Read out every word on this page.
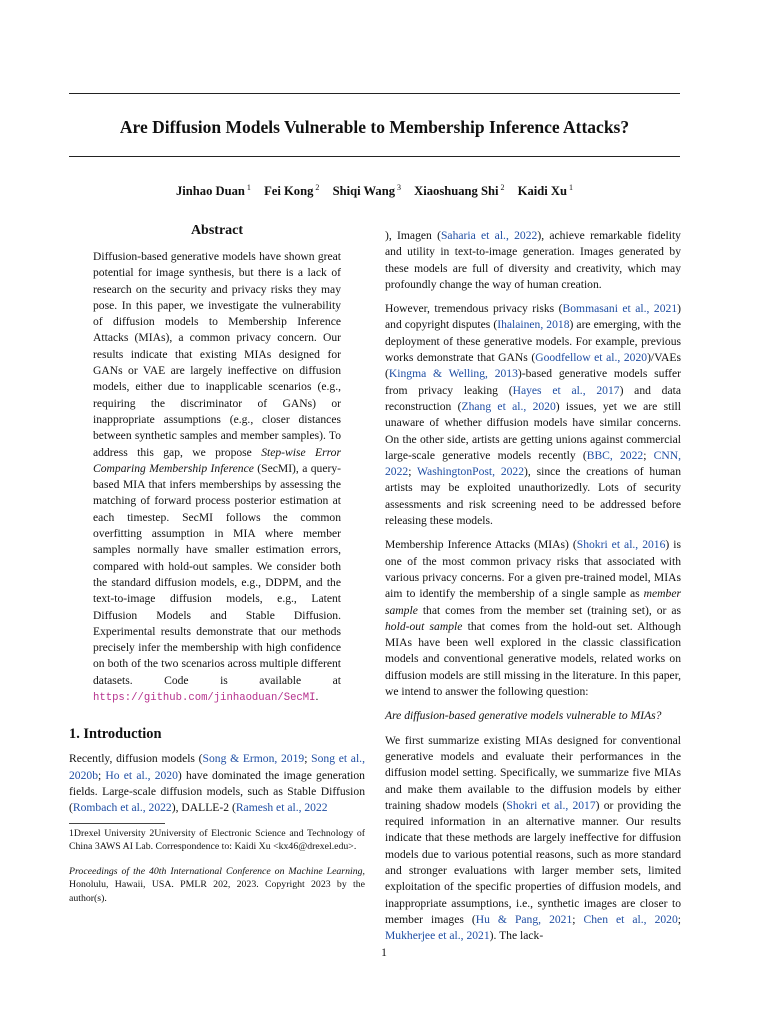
Are Diffusion Models Vulnerable to Membership Inference Attacks?
Jinhao Duan $^1$ Fei Kong $^2$ Shiqi Wang $^3$ Xiaoshuang Shi $^2$ Kaidi Xu $^1$
Abstract

Diffusion-based generative models have shown great potential for image synthesis, but there is a lack of research on the security and privacy risks they may pose. In this paper, we investigate the vulnerability of diffusion models to Membership Inference Attacks (MIAs), a common privacy concern. Our results indicate that existing MIAs designed for GANs or VAE are largely ineffective on diffusion models, either due to inapplicable scenarios (e.g., requiring the discriminator of GANs) or inappropriate assumptions (e.g., closer distances between synthetic samples and member samples). To address this gap, we propose Step-wise Error Comparing Membership Inference (SecMI), a query-based MIA that infers memberships by assessing the matching of forward process posterior estimation at each timestep. SecMI follows the common overfitting assumption in MIA where member samples normally have smaller estimation errors, compared with hold-out samples. We consider both the standard diffusion models, e.g., DDPM, and the text-to-image diffusion models, e.g., Latent Diffusion Models and Stable Diffusion. Experimental results demonstrate that our methods precisely infer the membership with high confidence on both of the two scenarios across multiple different datasets. Code is available at https://github.com/jinhaoduan/SecMI.

1. Introduction

Recently, diffusion models (Song & Ermon, 2019; Song et al., 2020b; Ho et al., 2020) have dominated the image generation fields. Large-scale diffusion models, such as Stable Diffusion (Rombach et al., 2022), DALLE-2 (Ramesh et al., 2022

1Drexel University 2University of Electronic Science and Technology of China 3AWS AI Lab. Correspondence to: Kaidi Xu <kx46@drexel.edu>.

Proceedings of the 40th International Conference on Machine Learning, Honolulu, Hawaii, USA. PMLR 202, 2023. Copyright 2023 by the author(s).

), Imagen (Saharia et al., 2022), achieve remarkable fidelity and utility in text-to-image generation. Images generated by these models are full of diversity and creativity, which may profoundly change the way of human creation.

However, tremendous privacy risks (Bommasani et al., 2021) and copyright disputes (Ihalainen, 2018) are emerging, with the deployment of these generative models. For example, previous works demonstrate that GANs (Goodfellow et al., 2020)/VAEs (Kingma & Welling, 2013)-based generative models suffer from privacy leaking (Hayes et al., 2017) and data reconstruction (Zhang et al., 2020) issues, yet we are still unaware of whether diffusion models have similar concerns. On the other side, artists are getting unions against commercial large-scale generative models recently (BBC, 2022; CNN, 2022; WashingtonPost, 2022), since the creations of human artists may be exploited unauthorizedly. Lots of security assessments and risk screening need to be addressed before releasing these models.

Membership Inference Attacks (MIAs) (Shokri et al., 2016) is one of the most common privacy risks that associated with various privacy concerns. For a given pre-trained model, MIAs aim to identify the membership of a single sample as member sample that comes from the member set (training set), or as hold-out sample that comes from the hold-out set. Although MIAs have been well explored in the classic classification models and conventional generative models, related works on diffusion models are still missing in the literature. In this paper, we intend to answer the following question:

Are diffusion-based generative models vulnerable to MIAs?

We first summarize existing MIAs designed for conventional generative models and evaluate their performances in the diffusion model setting. Specifically, we summarize five MIAs and make them available to the diffusion models by either training shadow models (Shokri et al., 2017) or providing the required information in an alternative manner. Our results indicate that these methods are largely ineffective for diffusion models due to various potential reasons, such as more standard and stronger evaluations with larger member sets, limited exploitation of the specific properties of diffusion models, and inappropriate assumptions, i.e., synthetic images are closer to member images (Hu & Pang, 2021; Chen et al., 2020; Mukherjee et al., 2021). The lack-

1
